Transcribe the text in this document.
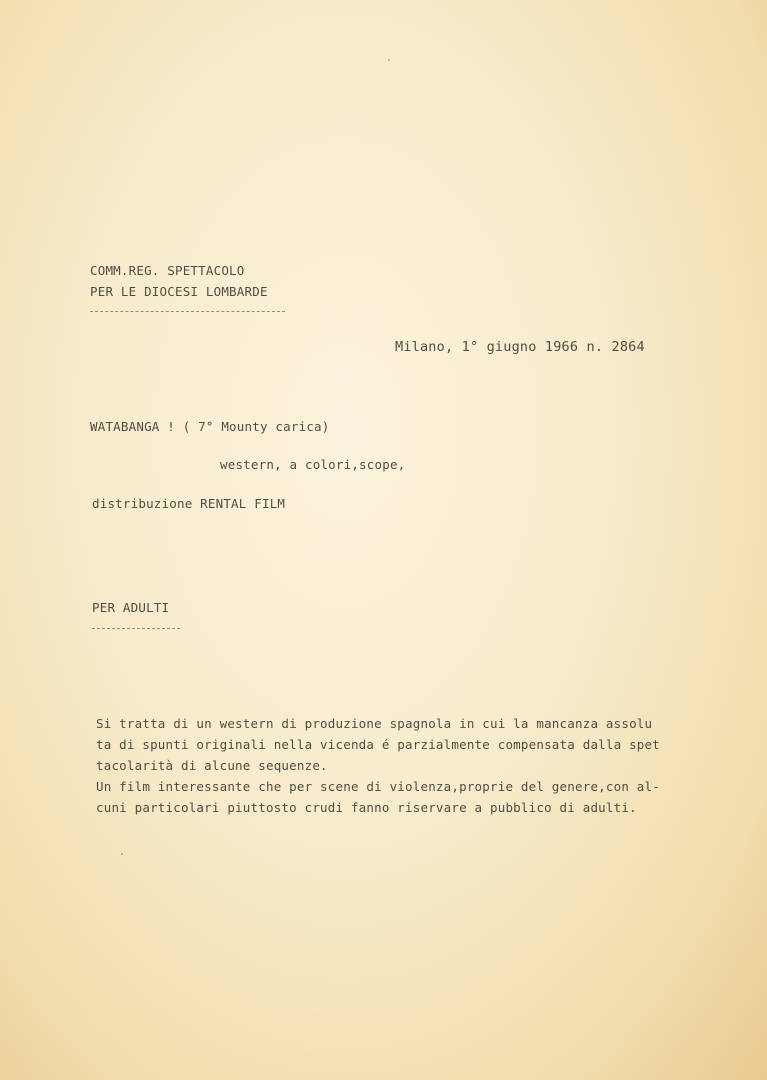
COMM.REG. SPETTACOLO
PER LE DIOCESI LOMBARDE
Milano, 1° giugno 1966 n. 2864
WATABANGA ! ( 7° Mounty carica)
western, a colori,scope,
distribuzione RENTAL FILM
PER ADULTI
Si tratta di un western di produzione spagnola in cui la mancanza assolu
ta di spunti originali nella vicenda é parzialmente compensata dalla spet
tacolarità di alcune sequenze.
Un film interessante che per scene di violenza,proprie del genere,con al-
cuni particolari piuttosto crudi fanno riservare a pubblico di adulti.
